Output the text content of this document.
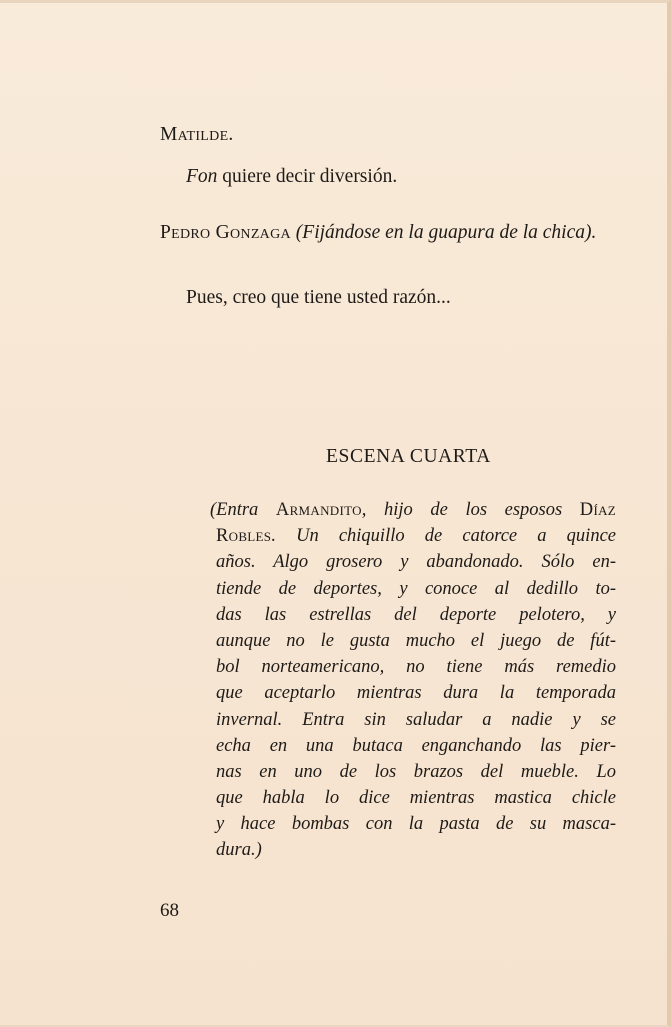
Matilde.
Fon quiere decir diversión.
Pedro Gonzaga (Fijándose en la guapura de la chica).
Pues, creo que tiene usted razón...
ESCENA CUARTA
(Entra Armandito, hijo de los esposos Díaz
Robles. Un chiquillo de catorce a quince
años. Algo grosero y abandonado. Sólo en-
tiende de deportes, y conoce al dedillo to-
das las estrellas del deporte pelotero, y
aunque no le gusta mucho el juego de fút-
bol norteamericano, no tiene más remedio
que aceptarlo mientras dura la temporada
invernal. Entra sin saludar a nadie y se
echa en una butaca enganchando las pier-
nas en uno de los brazos del mueble. Lo
que habla lo dice mientras mastica chicle
y hace bombas con la pasta de su masca-
dura.)
68
